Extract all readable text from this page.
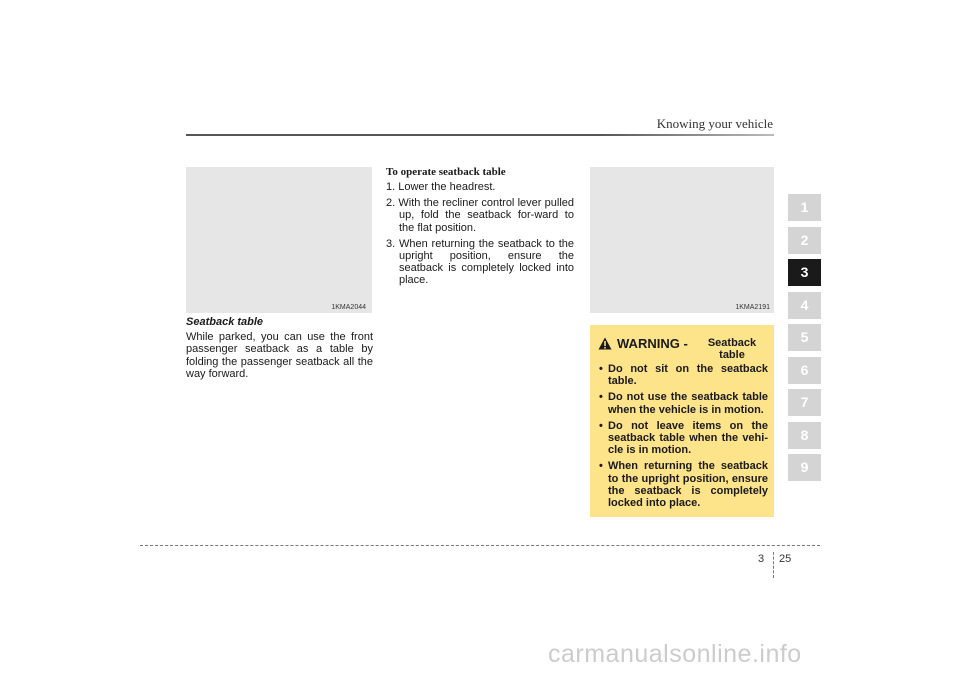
Knowing your vehicle
1KMA2044
Seatback table
While parked, you can use the front passenger seatback as a table by folding the passenger seatback all the way forward.
To operate seatback table
1. Lower the headrest.
2. With the recliner control lever pulled up, fold the seatback for-ward to the flat position.
3. When returning the seatback to the upright position, ensure the seatback is completely locked into place.
1KMA2191
WARNING -	Seatback table
• Do not sit on the seatback table.
• Do not use the seatback table when the vehicle is in motion.
• Do not leave items on the seatback table when the vehi-cle is in motion.
• When returning the seatback to the upright position, ensure the seatback is completely locked into place.
1
2
3
4
5
6
7
8
9
3 25
carmanualsonline.info
